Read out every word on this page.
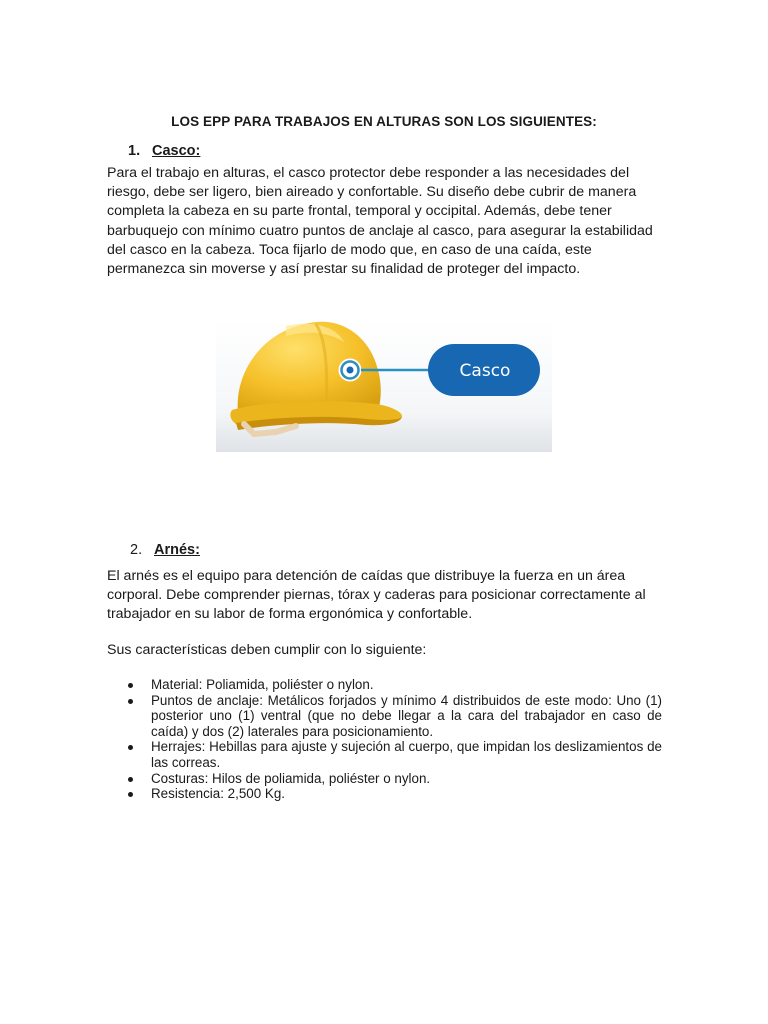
LOS EPP PARA TRABAJOS EN ALTURAS SON LOS SIGUIENTES:
1. Casco:

Para el trabajo en alturas, el casco protector debe responder a las necesidades del riesgo, debe ser ligero, bien aireado y confortable. Su diseño debe cubrir de manera completa la cabeza en su parte frontal, temporal y occipital. Además, debe tener barbuquejo con mínimo cuatro puntos de anclaje al casco, para asegurar la estabilidad del casco en la cabeza. Toca fijarlo de modo que, en caso de una caída, este permanezca sin moverse y así prestar su finalidad de proteger del impacto.

Casco
2. Arnés:

El arnés es el equipo para detención de caídas que distribuye la fuerza en un área corporal. Debe comprender piernas, tórax y caderas para posicionar correctamente al trabajador en su labor de forma ergonómica y confortable.

Sus características deben cumplir con lo siguiente:

Material: Poliamida, poliéster o nylon.
Puntos de anclaje: Metálicos forjados y mínimo 4 distribuidos de este modo: Uno (1) posterior uno (1) ventral (que no debe llegar a la cara del trabajador en caso de caída) y dos (2) laterales para posicionamiento.
Herrajes: Hebillas para ajuste y sujeción al cuerpo, que impidan los deslizamientos de las correas.
Costuras: Hilos de poliamida, poliéster o nylon.
Resistencia: 2,500 Kg.
